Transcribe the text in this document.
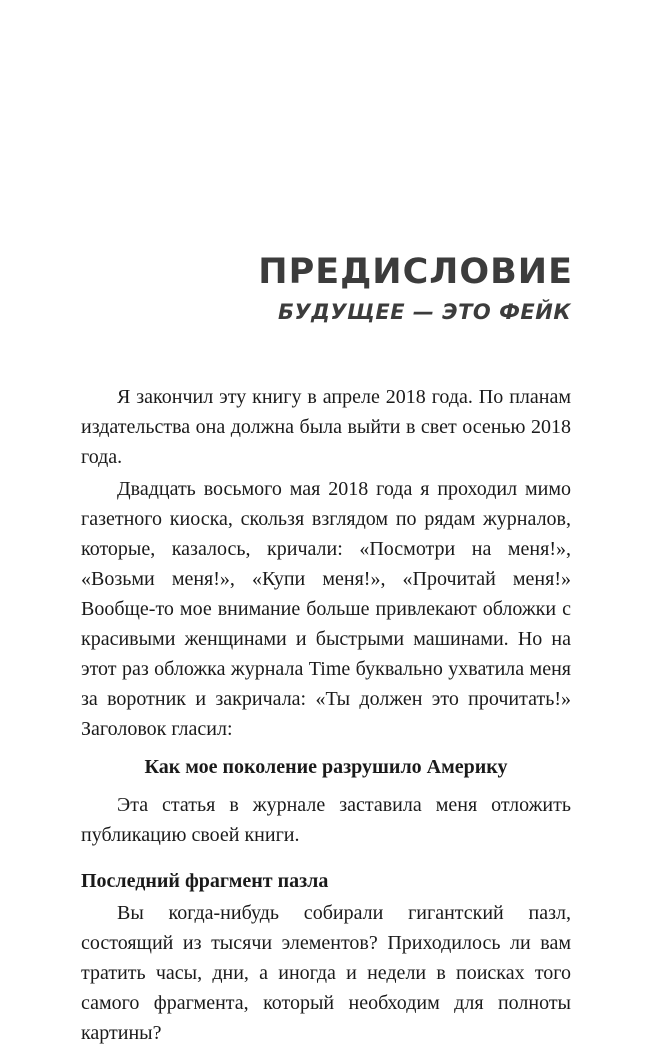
ПРЕДИСЛОВИЕ
БУДУЩЕЕ — ЭТО ФЕЙК

Я закончил эту книгу в апреле 2018 года. По планам издательства она должна была выйти в свет осенью 2018 года.

Двадцать восьмого мая 2018 года я проходил мимо газетного киоска, скользя взглядом по рядам журналов, которые, казалось, кричали: «Посмотри на меня!», «Возьми меня!», «Купи меня!», «Прочитай меня!» Вообще-то мое внимание больше привлекают обложки с красивыми женщинами и быстрыми машинами. Но на этот раз обложка журнала Time буквально ухватила меня за воротник и закричала: «Ты должен это прочитать!» Заголовок гласил:

Как мое поколение разрушило Америку

Эта статья в журнале заставила меня отложить публикацию своей книги.

Последний фрагмент пазла

Вы когда-нибудь собирали гигантский пазл, состоящий из тысячи элементов? Приходилось ли вам тратить часы, дни, а иногда и недели в поисках того самого фрагмента, который необходим для полноты картины?
